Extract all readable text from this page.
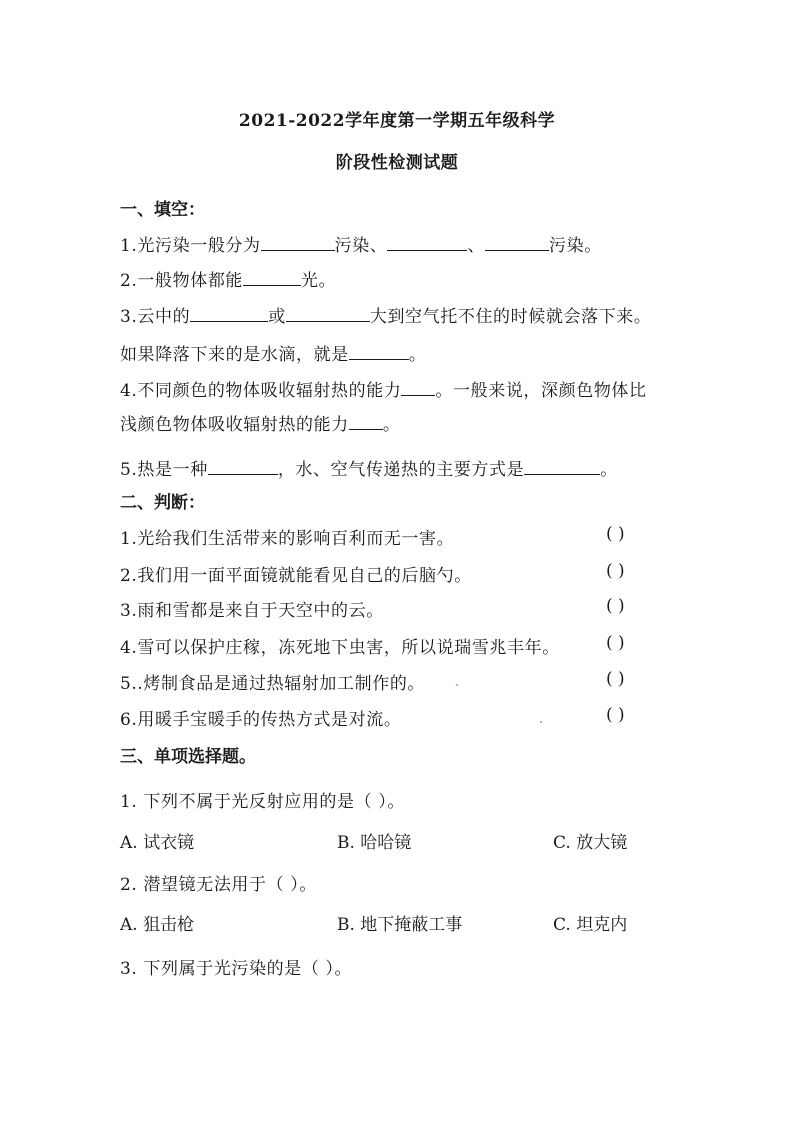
2021-2022学年度第一学期五年级科学
阶段性检测试题
一、填空：
1.光污染一般分为	污染、	、	污染。
2.一般物体都能	光。
3.云中的	或	大到空气托不住的时候就会落下来。
如果降落下来的是水滴，就是	。
4.不同颜色的物体吸收辐射热的能力 。一般来说，深颜色物体比
浅颜色物体吸收辐射热的能力 。
5.热是一种	，水、空气传递热的主要方式是	。
二、判断：
1.光给我们生活带来的影响百利而无一害。	( )
2.我们用一面平面镜就能看见自己的后脑勺。	( )
3.雨和雪都是来自于天空中的云。	( )
4.雪可以保护庄稼，冻死地下虫害，所以说瑞雪兆丰年。	( )
5..烤制食品是通过热辐射加工制作的。	( )
6.用暖手宝暖手的传热方式是对流。	( )
三、单项选择题。
1. 下列不属于光反射应用的是（ ）。
A. 试衣镜	B. 哈哈镜	C. 放大镜
2. 潜望镜无法用于（ ）。
A. 狙击枪	B. 地下掩蔽工事	C. 坦克内
3. 下列属于光污染的是（ ）。
